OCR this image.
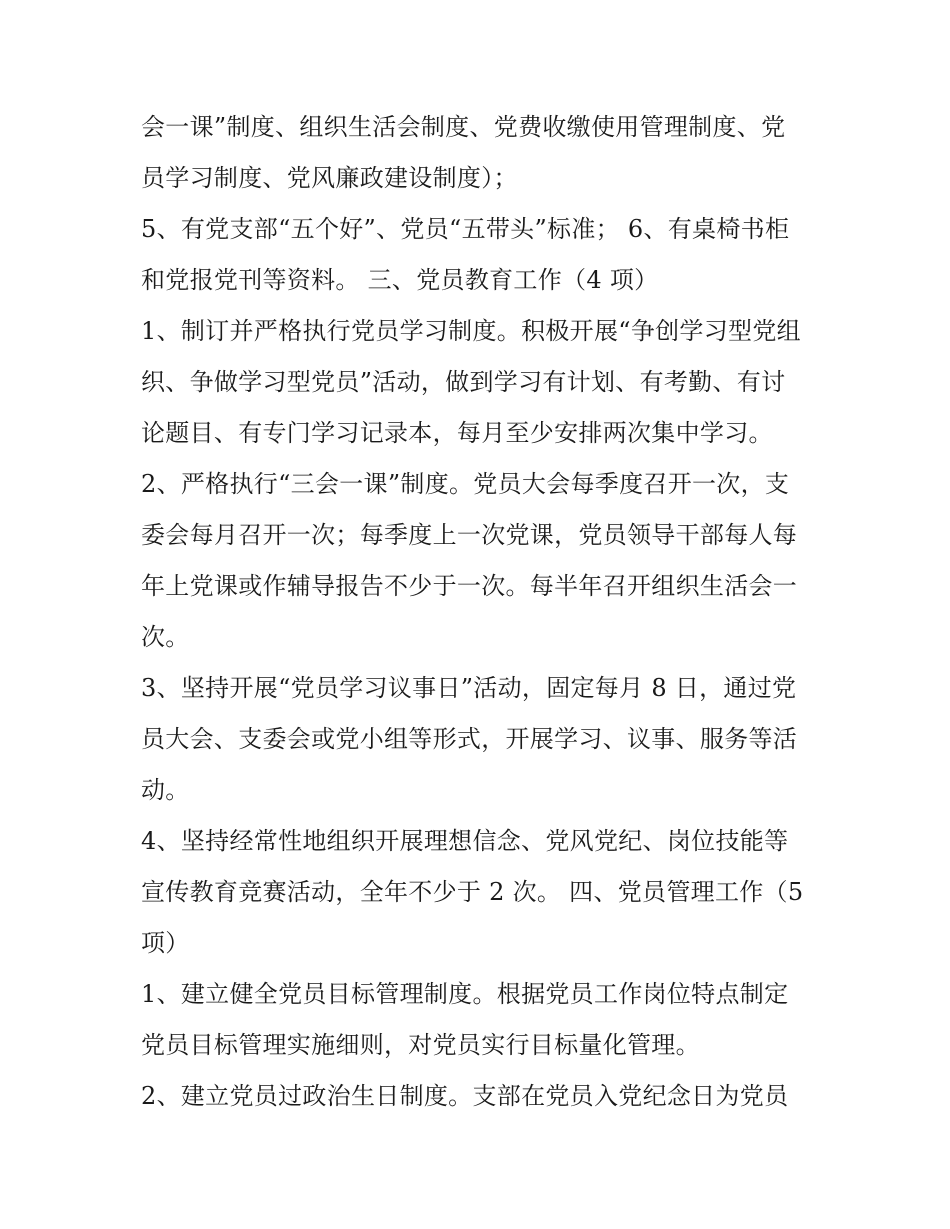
会一课”制度、组织生活会制度、党费收缴使用管理制度、党
员学习制度、党风廉政建设制度）；
5、有党支部“五个好”、党员“五带头”标准； 6、有桌椅书柜
和党报党刊等资料。 三、党员教育工作（4 项）
1、制订并严格执行党员学习制度。积极开展“争创学习型党组
织、争做学习型党员”活动，做到学习有计划、有考勤、有讨
论题目、有专门学习记录本，每月至少安排两次集中学习。
2、严格执行“三会一课”制度。党员大会每季度召开一次，支
委会每月召开一次；每季度上一次党课，党员领导干部每人每
年上党课或作辅导报告不少于一次。每半年召开组织生活会一
次。
3、坚持开展“党员学习议事日”活动，固定每月 8 日，通过党
员大会、支委会或党小组等形式，开展学习、议事、服务等活
动。
4、坚持经常性地组织开展理想信念、党风党纪、岗位技能等
宣传教育竞赛活动，全年不少于 2 次。 四、党员管理工作（5
项）
1、建立健全党员目标管理制度。根据党员工作岗位特点制定
党员目标管理实施细则，对党员实行目标量化管理。
2、建立党员过政治生日制度。支部在党员入党纪念日为党员
